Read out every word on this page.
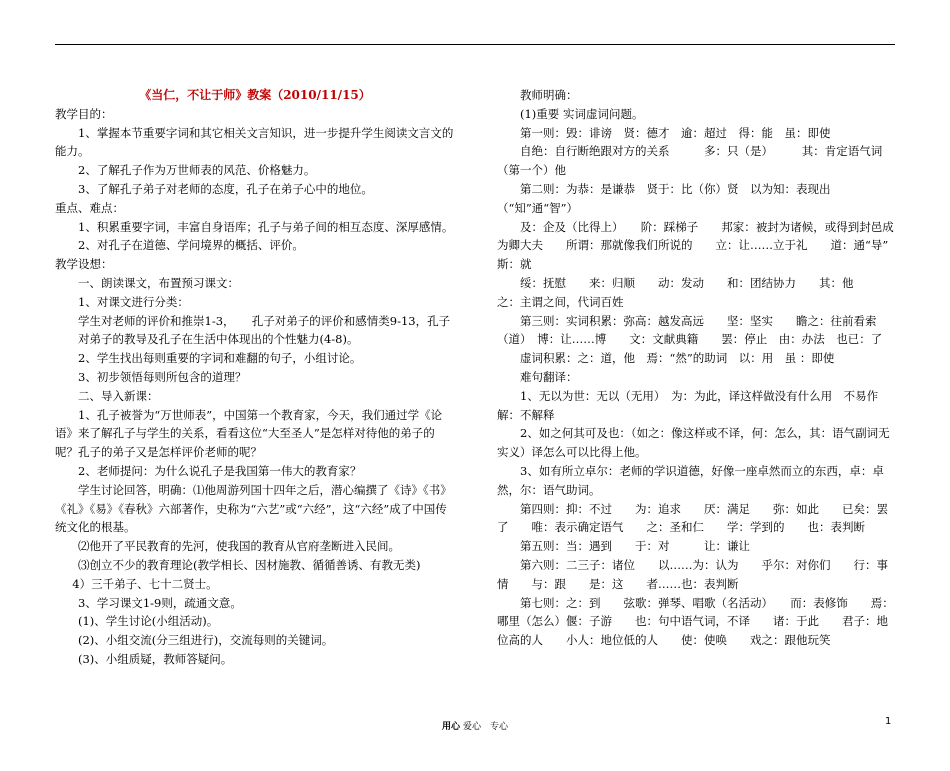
《当仁，不让于师》教案（2010/11/15）

教学目的：

1、掌握本节重要字词和其它相关文言知识，进一步提升学生阅读文言文的能力。

2、了解孔子作为万世师表的风范、价格魅力。

3、了解孔子弟子对老师的态度，孔子在弟子心中的地位。

重点、难点：

1、积累重要字词，丰富自身语库；孔子与弟子间的相互态度、深厚感情。

2、对孔子在道德、学问境界的概括、评价。

教学设想：

一、朗读课文，布置预习课文：

1、对课文进行分类：

学生对老师的评价和推崇1-3，　　孔子对弟子的评价和感情类9-13，孔子对弟子的教导及孔子在生活中体现出的个性魅力(4-8)。

2、学生找出每则重要的字词和难翻的句子，小组讨论。

3、初步领悟每则所包含的道理？

二、导入新课：

1、孔子被誉为“万世师表”，中国第一个教育家，今天，我们通过学《论语》来了解孔子与学生的关系，看看这位“大至圣人”是怎样对待他的弟子的呢？孔子的弟子又是怎样评价老师的呢？

2、老师提问：为什么说孔子是我国第一伟大的教育家？

学生讨论回答，明确：⑴他周游列国十四年之后，潜心编撰了《诗》《书》《礼》《易》《春秋》六部著作，史称为“六艺”或“六经”，这“六经”成了中国传统文化的根基。

⑵他开了平民教育的先河，使我国的教育从官府垄断进入民间。

⑶创立不少的教育理论(教学相长、因材施教、循循善诱、有教无类)

4）三千弟子、七十二贤士。

3、学习课文1-9则，疏通文意。

(1)、学生讨论(小组活动)。

(2)、小组交流(分三组进行)，交流每则的关键词。

(3)、小组质疑，教师答疑问。

教师明确：

(1)重要 实词虚词问题。

第一则：毁：诽谤　贤：德才　逾：超过　得：能　虽：即使

自绝：自行断绝跟对方的关系　　　多：只（是）　　　其：肯定语气词（第一个）他

第二则：为恭：是谦恭　贤于：比（你）贤　以为知：表现出（“知”通“智”）

及：企及（比得上）　　阶：踩梯子　　邦家：被封为诸候，或得到封邑成为卿大夫　　所谓：那就像我们所说的　　立：让……立于礼　　道：通“导”　　斯：就

绥：抚慰　　来：归顺　　动：发动　　和：团结协力　　其：他　　之：主谓之间，代词百姓

第三则：实词积累：弥高：越发高远　　坚：坚实　　瞻之：往前看索（道）　博：让……博　　文：文献典籍　　罢：停止　由：办法　也已：了

虚词积累：之：道，他　焉：“然”的助词　以：用　虽 ：即使

难句翻译：

1、无以为世：无以（无用）　为：为此，译这样做没有什么用　不易作解：不解释

2、如之何其可及也：（如之：像这样或不译，何：怎么，其：语气副词无实义）译怎么可以比得上他。

3、如有所立卓尔：老师的学识道德，好像一座卓然而立的东西，卓：卓然，尔：语气助词。

第四则：抑：不过　　为：追求　　厌：满足　　弥：如此　　已矣：罢了　　唯：表示确定语气　　之：圣和仁　　学：学到的　　也：表判断

第五则：当：遇到　　于：对　　　让：谦让

第六则：二三子：诸位　　以……为：认为　　乎尔：对你们　　行：事情　　与：跟　　是：这　　者……也：表判断

第七则：之：到　　弦歌：弹琴、唱歌（名活动）　　而：表修饰　　焉：哪里（怎么）偃：子游　　也：句中语气词，不译　　诸：于此　　君子：地位高的人　　小人：地位低的人　　使：使唤　　戏之：跟他玩笑

用心 爱心　专心	1
